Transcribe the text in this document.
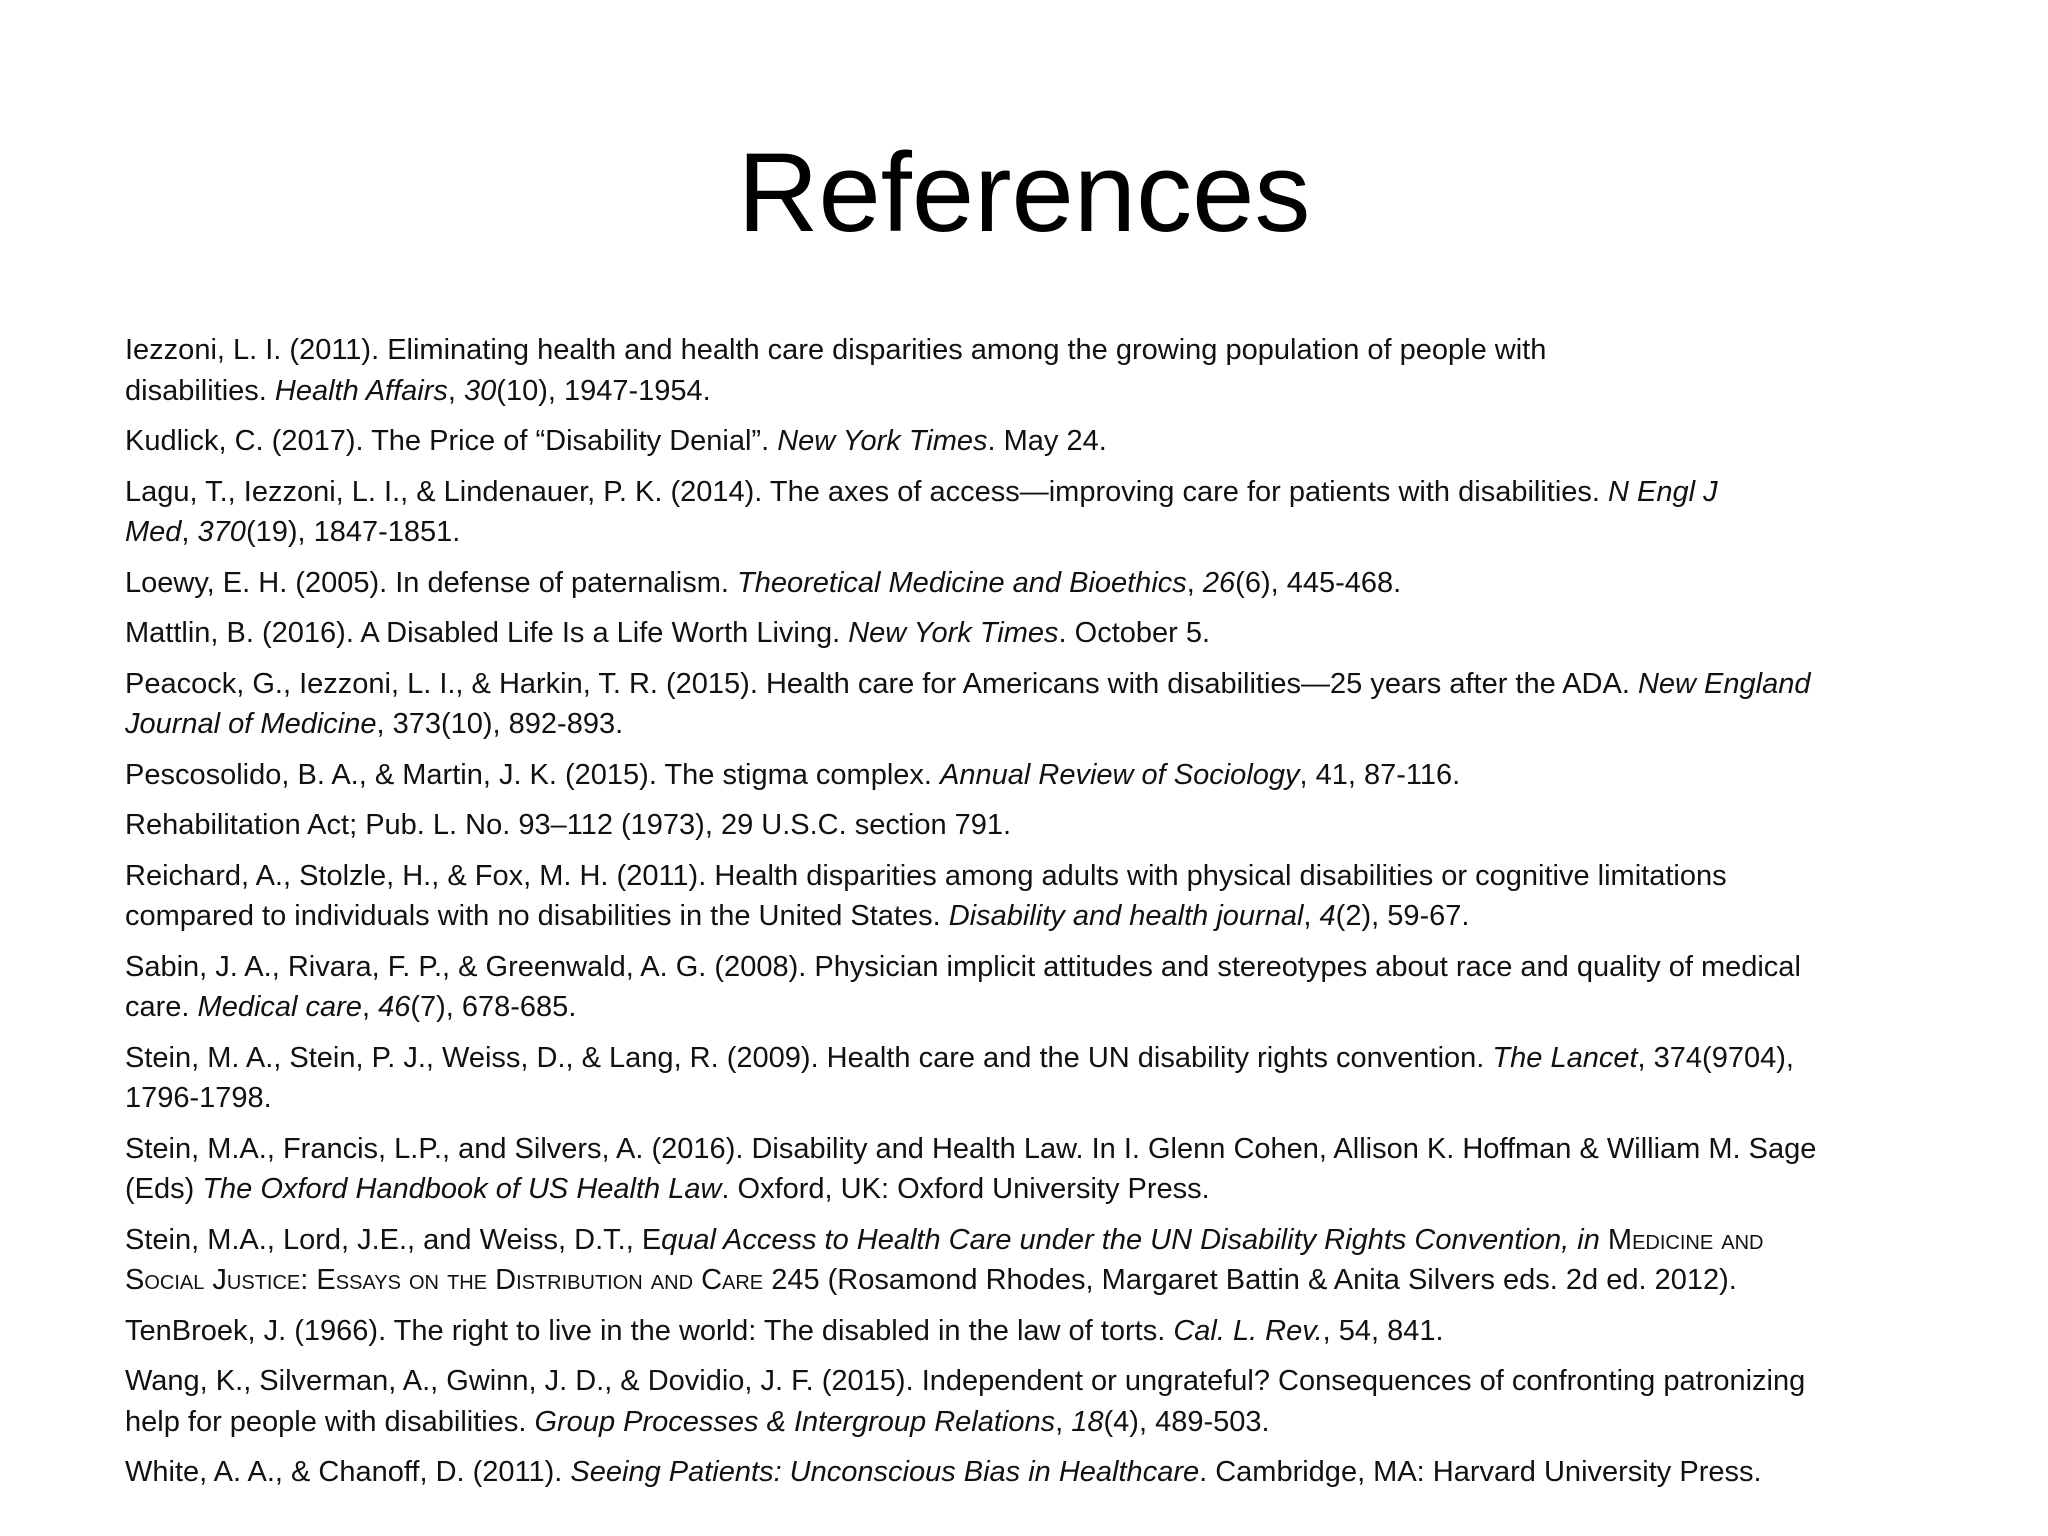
References
Iezzoni, L. I. (2011). Eliminating health and health care disparities among the growing population of people with
disabilities. Health Affairs, 30(10), 1947-1954.
Kudlick, C. (2017). The Price of “Disability Denial”. New York Times. May 24.
Lagu, T., Iezzoni, L. I., & Lindenauer, P. K. (2014). The axes of access—improving care for patients with disabilities. N Engl J
Med, 370(19), 1847-1851.
Loewy, E. H. (2005). In defense of paternalism. Theoretical Medicine and Bioethics, 26(6), 445-468.
Mattlin, B. (2016). A Disabled Life Is a Life Worth Living. New York Times. October 5.
Peacock, G., Iezzoni, L. I., & Harkin, T. R. (2015). Health care for Americans with disabilities—25 years after the ADA. New England
Journal of Medicine, 373(10), 892-893.
Pescosolido, B. A., & Martin, J. K. (2015). The stigma complex. Annual Review of Sociology, 41, 87-116.
Rehabilitation Act; Pub. L. No. 93–112 (1973), 29 U.S.C. section 791.
Reichard, A., Stolzle, H., & Fox, M. H. (2011). Health disparities among adults with physical disabilities or cognitive limitations
compared to individuals with no disabilities in the United States. Disability and health journal, 4(2), 59-67.
Sabin, J. A., Rivara, F. P., & Greenwald, A. G. (2008). Physician implicit attitudes and stereotypes about race and quality of medical
care. Medical care, 46(7), 678-685.
Stein, M. A., Stein, P. J., Weiss, D., & Lang, R. (2009). Health care and the UN disability rights convention. The Lancet, 374(9704),
1796-1798.
Stein, M.A., Francis, L.P., and Silvers, A. (2016). Disability and Health Law. In I. Glenn Cohen, Allison K. Hoffman & William M. Sage
(Eds) The Oxford Handbook of US Health Law. Oxford, UK: Oxford University Press.
Stein, M.A., Lord, J.E., and Weiss, D.T., Equal Access to Health Care under the UN Disability Rights Convention, in Medicine and
Social Justice: Essays on the Distribution and Care 245 (Rosamond Rhodes, Margaret Battin & Anita Silvers eds. 2d ed. 2012).
TenBroek, J. (1966). The right to live in the world: The disabled in the law of torts. Cal. L. Rev., 54, 841.
Wang, K., Silverman, A., Gwinn, J. D., & Dovidio, J. F. (2015). Independent or ungrateful? Consequences of confronting patronizing
help for people with disabilities. Group Processes & Intergroup Relations, 18(4), 489-503.
White, A. A., & Chanoff, D. (2011). Seeing Patients: Unconscious Bias in Healthcare. Cambridge, MA: Harvard University Press.
